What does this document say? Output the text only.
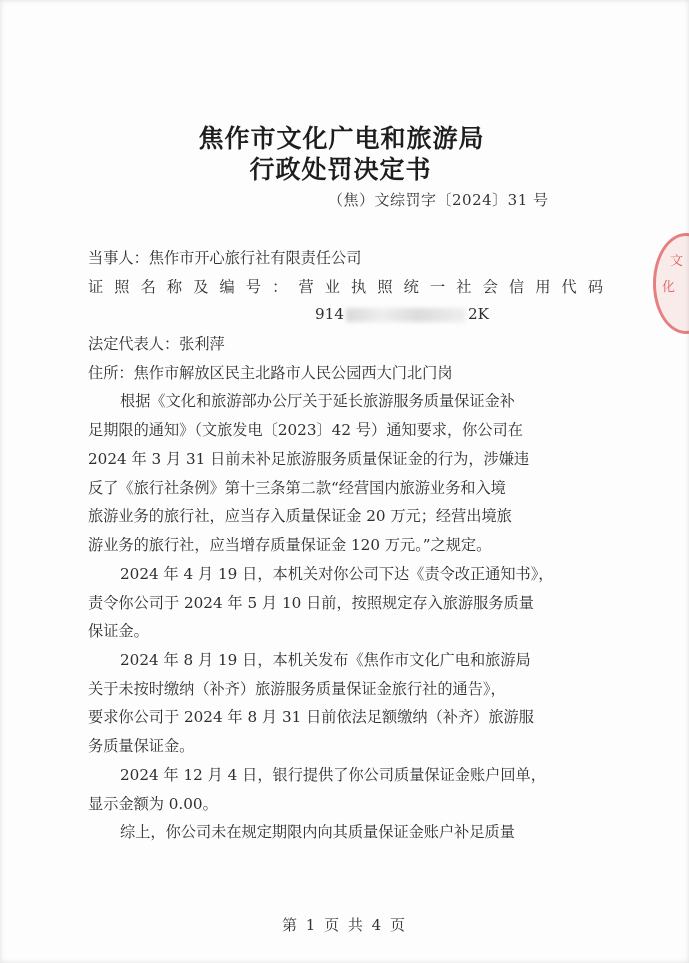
焦作市文化广电和旅游局
行政处罚决定书
（焦）文综罚字〔2024〕31 号
当事人：焦作市开心旅行社有限责任公司
证照名称及编号：营业执照统一社会信用代码
914	2K
法定代表人：张利萍
住所：焦作市解放区民主北路市人民公园西大门北门岗
根据《文化和旅游部办公厅关于延长旅游服务质量保证金补
足期限的通知》（文旅发电〔2023〕42 号）通知要求，你公司在
2024 年 3 月 31 日前未补足旅游服务质量保证金的行为，涉嫌违
反了《旅行社条例》第十三条第二款“经营国内旅游业务和入境
旅游业务的旅行社，应当存入质量保证金 20 万元；经营出境旅
游业务的旅行社，应当增存质量保证金 120 万元。”之规定。
2024 年 4 月 19 日，本机关对你公司下达《责令改正通知书》，
责令你公司于 2024 年 5 月 10 日前，按照规定存入旅游服务质量
保证金。
2024 年 8 月 19 日，本机关发布《焦作市文化广电和旅游局
关于未按时缴纳（补齐）旅游服务质量保证金旅行社的通告》，
要求你公司于 2024 年 8 月 31 日前依法足额缴纳（补齐）旅游服
务质量保证金。
2024 年 12 月 4 日，银行提供了你公司质量保证金账户回单，
显示金额为 0.00。
综上，你公司未在规定期限内向其质量保证金账户补足质量
文
化
第 1 页 共 4 页
